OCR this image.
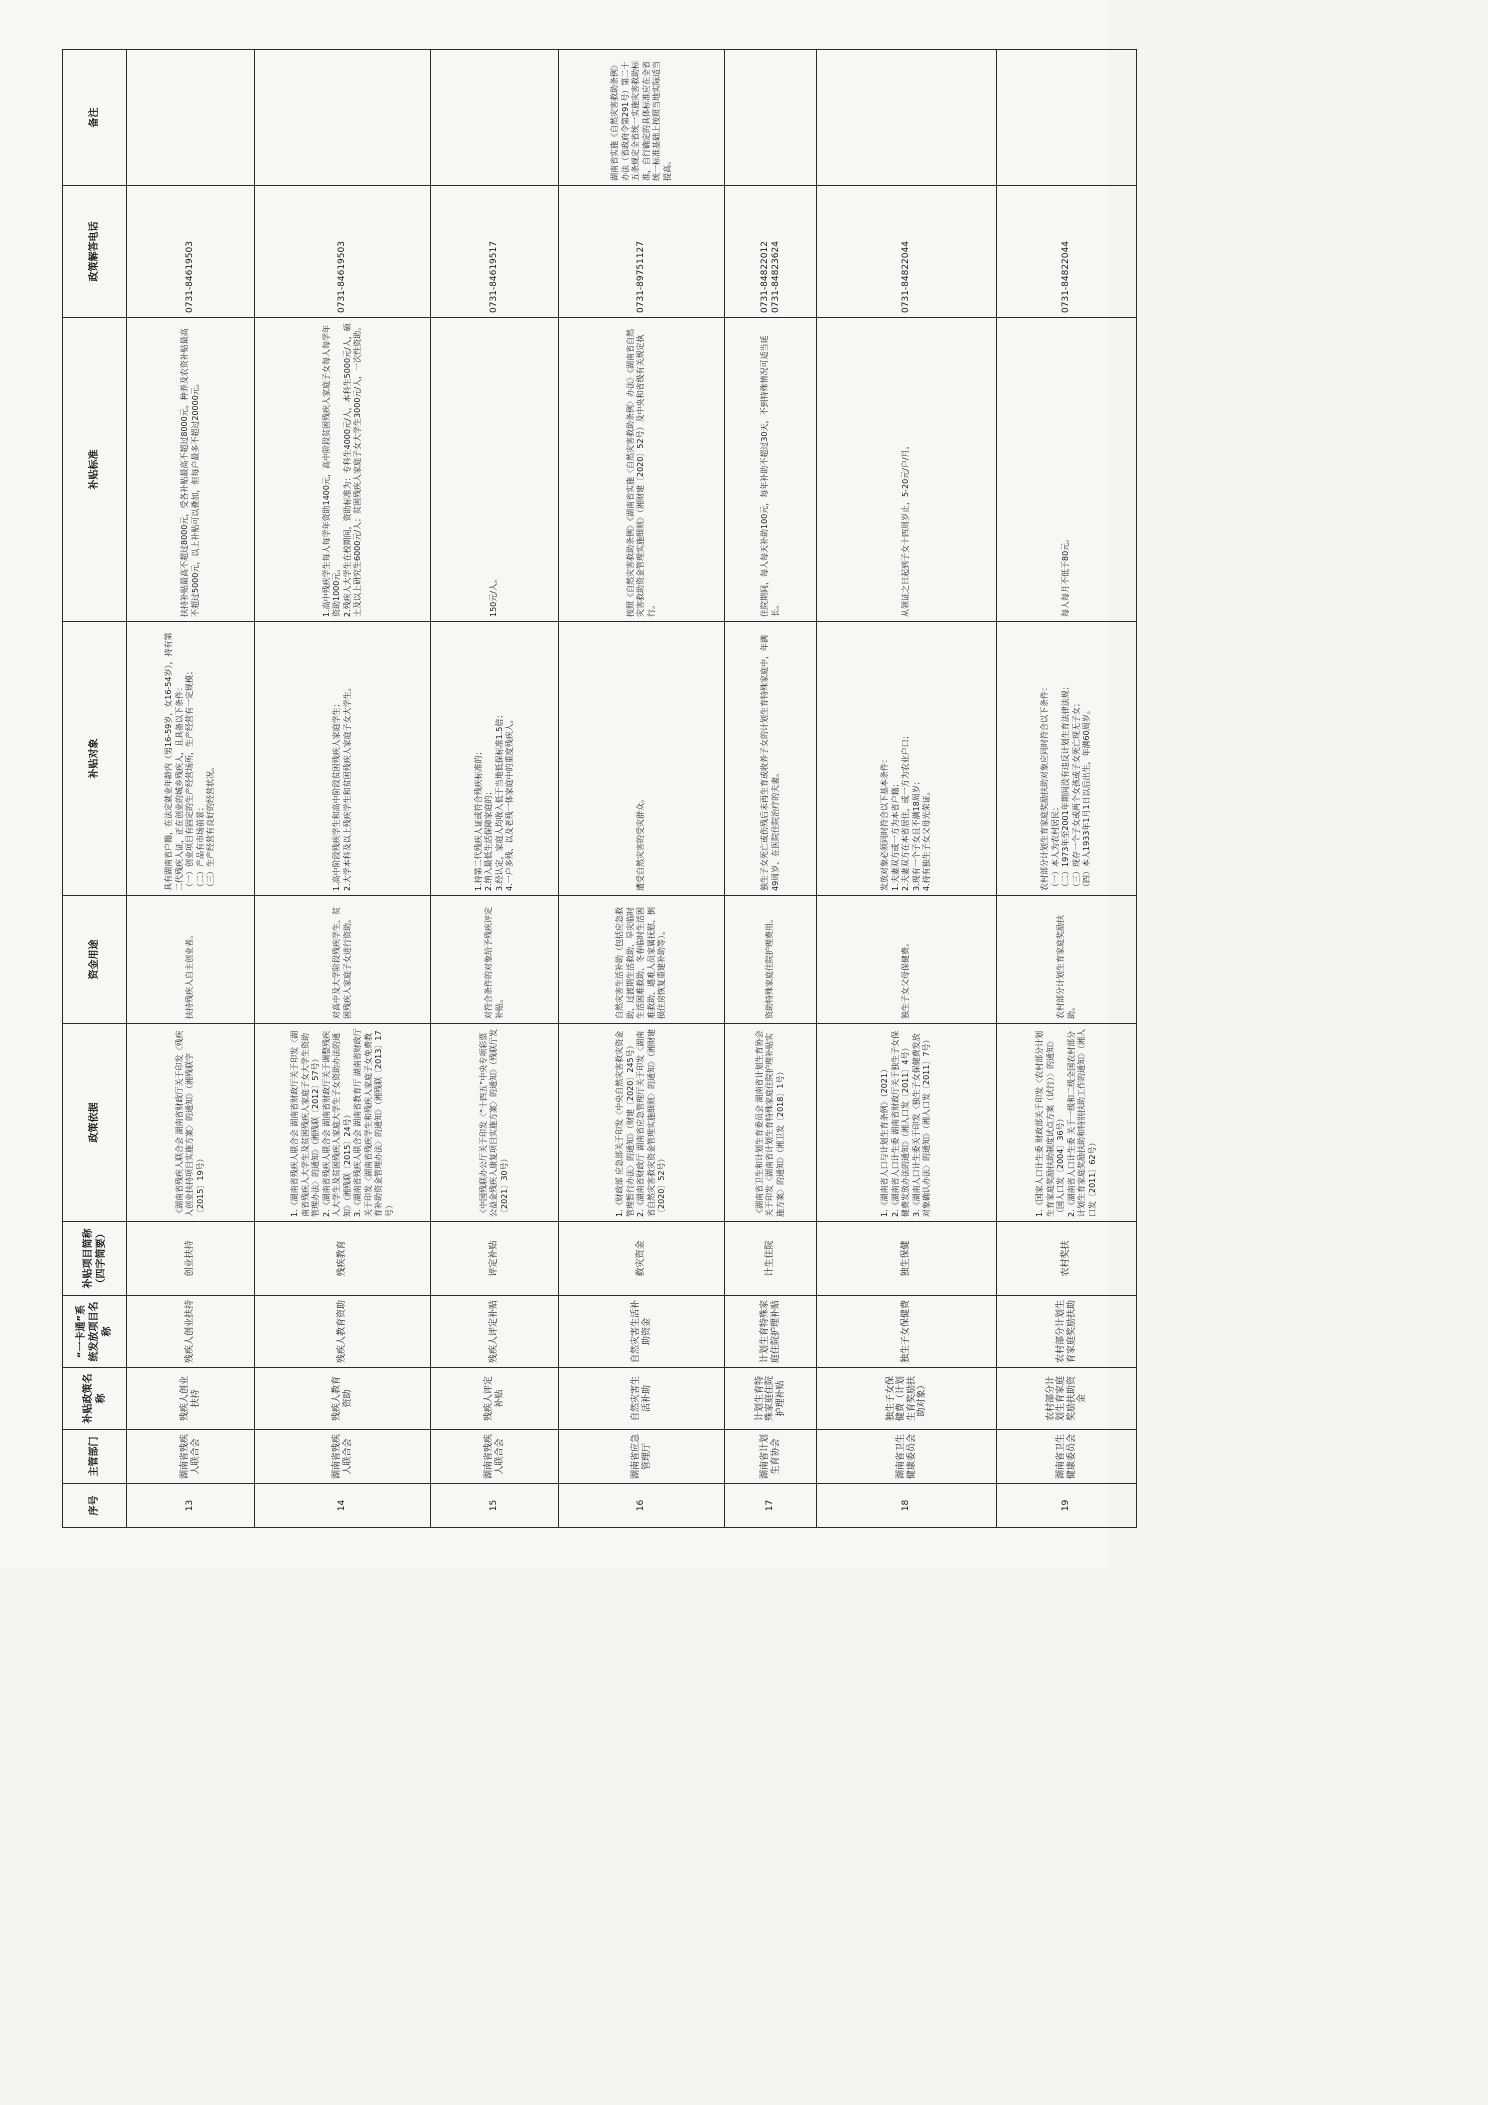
序号	主管部门	补贴政策名称	“一卡通”系统发放项目名称	补贴项目简称（四字简要）	政策依据	资金用途	补贴对象	补贴标准	政策解答电话	备注
13	湖南省残疾人联合会	残疾人创业扶持	残疾人创业扶持	创业扶持	《湖南省残疾人联合会 湖南省财政厅关于印发〈残疾人创业扶持项目实施方案〉的通知》（湘残联字〔2015〕19号）	扶持残疾人自主创业者。	具有湖南省户籍，在法定就业年龄内（男16-59岁，女16-54岁），持有第二代残疾人证，正在创业的城乡残疾人，且具备以下条件： （一）创业项目有固定的生产经营场所，生产经营有一定规模； （二）产品有市场前景； （三）生产经营有良好的经营状况。	扶持补贴最高不超过8000元，受各补贴最高不超过8000元，种养及农资补贴最高不超过5000元，以上补贴可以叠加，但每户最多不超过20000元。	0731-84619503	

14	湖南省残疾人联合会	残疾人教育资助	残疾人教育资助	残疾教育	1.《湖南省残疾人联合会 湖南省财政厅关于印发〈湖南省残疾人大学生及贫困残疾人家庭子女大学生资助管理办法〉的通知》（湘残联〔2012〕57号） 2.《湖南省残疾人联合会 湖南省财政厅关于调整残疾人大学生及贫困残疾人家庭大学生子女资助办法的通知》（湘残联〔2015〕24号） 3.《湖南省残疾人联合会 湖南省教育厅 湖南省财政厅关于印发〈湖南省残疾学生和残疾人家庭子女免费教育补助资金管理办法〉的通知》（湘残联〔2013〕17号）	对高中及大学阶段残疾学生、贫困残疾人家庭子女进行资助。	1.高中阶段残疾学生和高中阶段贫困残疾人家庭学生； 2.大学本科及以上残疾学生和贫困残疾人家庭子女大学生。	1.高中残疾学生每人每学年资助1400元，高中阶段贫困残疾人家庭子女每人每学年资助1000元。 2.残疾人大学生在校期间，资助标准为：专科生4000元/人，本科生5000元/人，硕士及以上研究生6000元/人；贫困残疾人家庭子女大学生3000元/人，一次性资助。	0731-84619503	

15	湖南省残疾人联合会	残疾人评定补贴	残疾人评定补贴	评定补贴	《中国残联办公厅关于印发〈“十四五”中央专项彩票公益金残疾人康复项目实施方案〉的通知》（残联厅发〔2021〕30号）	对符合条件的对象给予残疾评定补贴。	1.持第二代残疾人证或符合残疾标准的； 2.纳入最低生活保障家庭的； 3.经认定，家庭人均收入低于当地低保标准1.5倍； 4.一户多残、以及老残一体家庭中的重度残疾人。	150元/人。	0731-84619517	

16	湖南省应急管理厅	自然灾害生活补助	自然灾害生活补助资金	救灾资金	1.《财政部 应急部关于印发〈中央自然灾害救灾资金管理暂行办法〉的通知》（财建〔2020〕245号） 2.《湖南省财政厅 湖南省应急管理厅关于印发〈湖南省自然灾害救灾资金管理实施细则〉的通知》（湘财建〔2020〕52号）	自然灾害生活补助（包括应急救助、过渡期生活救助、旱灾临时生活困难救助、冬春临时生活困难救助、遇难人员家属抚慰、倒损住房恢复重建补助等）。	遭受自然灾害的受灾群众。	按照《自然灾害救助条例》《湖南省实施〈自然灾害救助条例〉办法》《湖南省自然灾害救助资金管理实施细则》（湘财建〔2020〕52号）及中央和省级有关规定执行。	0731-89751127	湖南省实施《自然灾害救助条例》办法（省政府令第291号）第二十五条规定全省统一实施灾害救助标准，自行确定的具体标准应在全省统一标准基础上按照当地实际适当提高。
17	湖南省计划生育协会	计划生育特殊家庭住院护理补贴	计划生育特殊家庭住院护理补贴	计生住院	《湖南省卫生和计划生育委员会 湖南省计划生育协会关于印发〈湖南省计划生育特殊家庭住院护理补贴实施方案〉的通知》（湘卫发〔2018〕1号）	资助特殊家庭住院护理费用。	独生子女死亡或伤残后未再生育或收养子女的计划生育特殊家庭中，年满49周岁、在医院住院治疗的夫妻。	住院期间，每人每天补助100元，每年补助不超过30天，不到特殊情况可适当延长。	0731-84822012 0731-84823624	

18	湖南省卫生健康委员会	独生子女保健费（计划生育奖励扶助对象）	独生子女保健费	独生保健	1.《湖南省人口与计划生育条例》（2021） 2.《湖南省人口计生委 湖南省财政厅关于独生子女保健费发放办法的通知》（湘人口发〔2011〕4号） 3.《湖南人口计生委关于印发〈独生子女保健费发放对象确认办法〉的通知》（湘人口发〔2011〕7号）	独生子女父母保健费。	发放对象必须同时符合以下基本条件： 1.夫妻双方或一方为本省户籍； 2.夫妻双方在本省居住，或一方为农业户口； 3.现有一个子女且不满18周岁； 4.持有独生子女父母光荣证。	从领证之日起到子女十四周岁止，5-20元/户/月。	0731-84822044	

19	湖南省卫生健康委员会	农村部分计划生育家庭奖励扶助资金	农村部分计划生育家庭奖励扶助	农村奖扶	1.《国家人口计生委 财政部关于印发〈农村部分计划生育家庭奖励扶助制度试点方案（试行）〉的通知》（国人口发〔2004〕36号） 2.《湖南省人口计生委 关于一级和二级全国农村部分计划生育家庭奖励扶助和特别扶助工作的通知》（湘人口发〔2011〕62号）	农村部分计划生育家庭奖励扶助。	农村部分计划生育家庭奖励扶助对象应同时符合以下条件： （一）本人为农村居民； （二）1973年至2001年期间没有违反计划生育法律法规； （三）现存一个子女或两个女孩或子女死亡现无子女； （四）本人1933年1月1日以后出生，年满60周岁。	每人每月不低于80元。	0731-84822044	
